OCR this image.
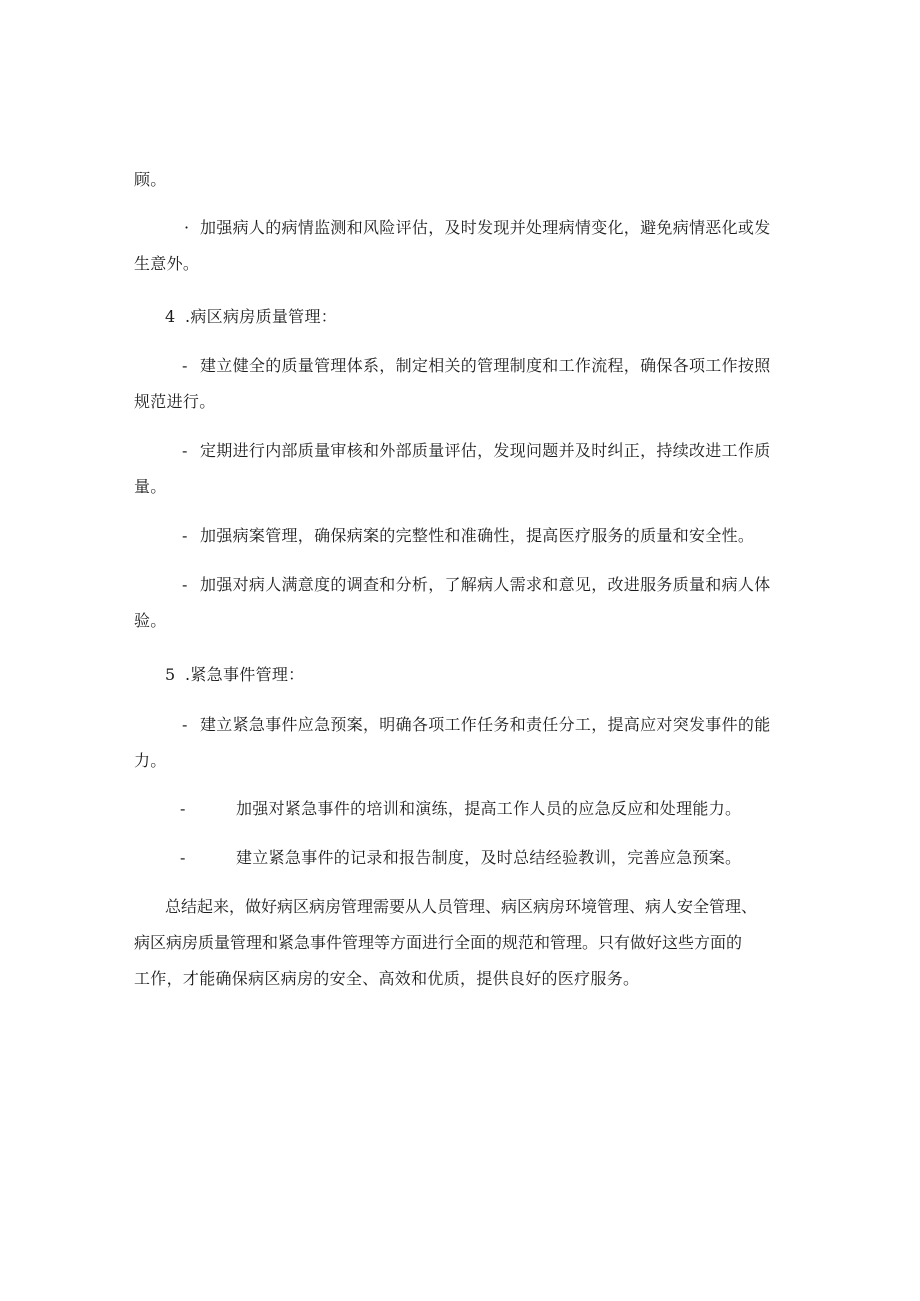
顾。
· 加强病人的病情监测和风险评估，及时发现并处理病情变化，避免病情恶化或发
生意外。
4 .病区病房质量管理：
- 建立健全的质量管理体系，制定相关的管理制度和工作流程，确保各项工作按照
规范进行。
- 定期进行内部质量审核和外部质量评估，发现问题并及时纠正，持续改进工作质
量。
- 加强病案管理，确保病案的完整性和准确性，提高医疗服务的质量和安全性。
- 加强对病人满意度的调查和分析，了解病人需求和意见，改进服务质量和病人体
验。
5 .紧急事件管理：
- 建立紧急事件应急预案，明确各项工作任务和责任分工，提高应对突发事件的能
力。
-	加强对紧急事件的培训和演练，提高工作人员的应急反应和处理能力。
-	建立紧急事件的记录和报告制度，及时总结经验教训，完善应急预案。
总结起来，做好病区病房管理需要从人员管理、病区病房环境管理、病人安全管理、
病区病房质量管理和紧急事件管理等方面进行全面的规范和管理。只有做好这些方面的
工作，才能确保病区病房的安全、高效和优质，提供良好的医疗服务。
